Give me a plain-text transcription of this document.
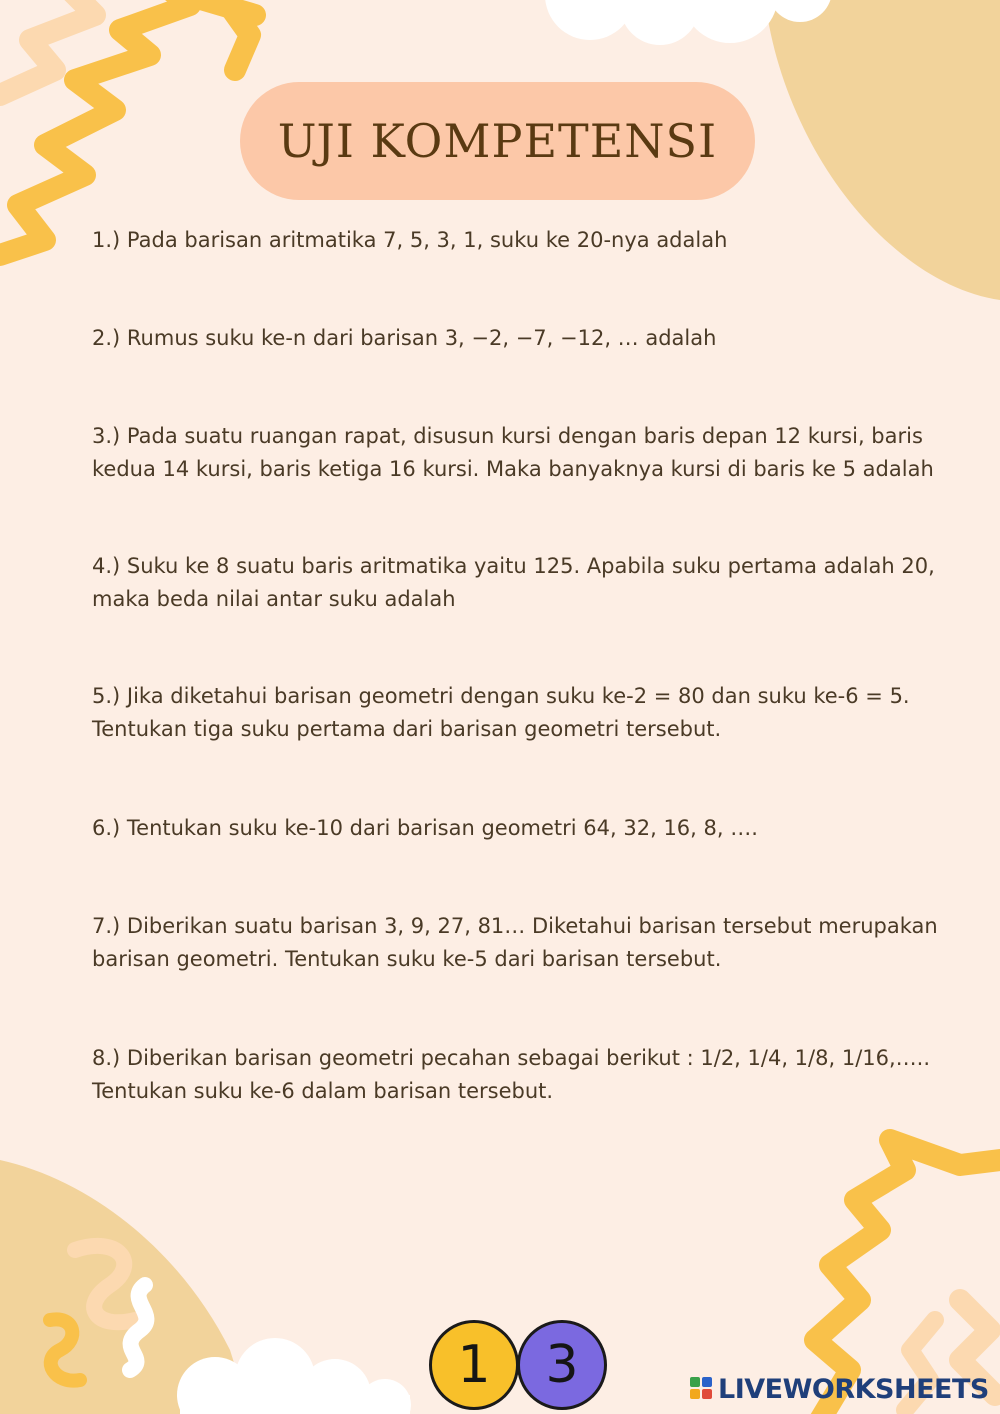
UJI KOMPETENSI

1.) Pada barisan aritmatika 7, 5, 3, 1, suku ke 20-nya adalah

2.) Rumus suku ke-n dari barisan 3, −2, −7, −12, … adalah

3.) Pada suatu ruangan rapat, disusun kursi dengan baris depan 12 kursi, baris kedua 14 kursi, baris ketiga 16 kursi. Maka banyaknya kursi di baris ke 5 adalah

4.) Suku ke 8 suatu baris aritmatika yaitu 125. Apabila suku pertama adalah 20, maka beda nilai antar suku adalah

5.) Jika diketahui barisan geometri dengan suku ke-2 = 80 dan suku ke-6 = 5. Tentukan tiga suku pertama dari barisan geometri tersebut.

6.) Tentukan suku ke-10 dari barisan geometri 64, 32, 16, 8, ….

7.) Diberikan suatu barisan 3, 9, 27, 81… Diketahui barisan tersebut merupakan barisan geometri. Tentukan suku ke-5 dari barisan tersebut.

8.) Diberikan barisan geometri pecahan sebagai berikut : 1/2, 1/4, 1/8, 1/16,….. Tentukan suku ke-6 dalam barisan tersebut.

1	3	LIVEWORKSHEETS
